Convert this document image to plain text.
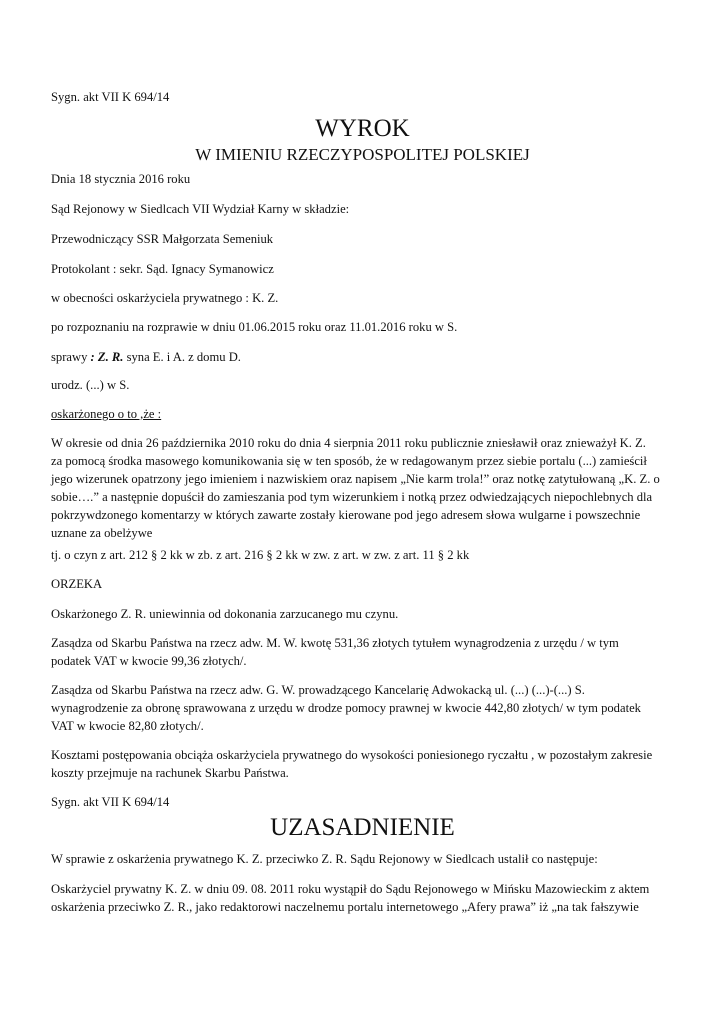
Sygn. akt VII K 694/14

WYROK

W IMIENIU RZECZYPOSPOLITEJ POLSKIEJ

Dnia 18 stycznia 2016 roku

Sąd Rejonowy w Siedlcach VII Wydział Karny w składzie:

Przewodniczący SSR Małgorzata Semeniuk

Protokolant : sekr. Sąd. Ignacy Symanowicz

w obecności oskarżyciela prywatnego : K. Z.

po rozpoznaniu na rozprawie w dniu 01.06.2015 roku oraz 11.01.2016 roku w S.

sprawy : Z. R. syna E. i A. z domu D.

urodz. (...) w S.

oskarżonego o to ,że :

W okresie od dnia 26 października 2010 roku do dnia 4 sierpnia 2011 roku publicznie zniesławił oraz znieważył K. Z.
za pomocą środka masowego komunikowania się w ten sposób, że w redagowanym przez siebie portalu (...) zamieścił
jego wizerunek opatrzony jego imieniem i nazwiskiem oraz napisem „Nie karm trola!” oraz notkę zatytułowaną „K. Z. o
sobie….” a następnie dopuścił do zamieszania pod tym wizerunkiem i notką przez odwiedzających niepochlebnych dla
pokrzywdzonego komentarzy w których zawarte zostały kierowane pod jego adresem słowa wulgarne i powszechnie
uznane za obelżywe

tj. o czyn z art. 212 § 2 kk w zb. z art. 216 § 2 kk w zw. z art. w zw. z art. 11 § 2 kk

ORZEKA

Oskarżonego Z. R. uniewinnia od dokonania zarzucanego mu czynu.

Zasądza od Skarbu Państwa na rzecz adw. M. W. kwotę 531,36 złotych tytułem wynagrodzenia z urzędu / w tym
podatek VAT w kwocie 99,36 złotych/.

Zasądza od Skarbu Państwa na rzecz adw. G. W. prowadzącego Kancelarię Adwokacką ul. (...) (...)-(...) S.
wynagrodzenie za obronę sprawowana z urzędu w drodze pomocy prawnej w kwocie 442,80 złotych/ w tym podatek
VAT w kwocie 82,80 złotych/.

Kosztami postępowania obciąża oskarżyciela prywatnego do wysokości poniesionego ryczałtu , w pozostałym zakresie
koszty przejmuje na rachunek Skarbu Państwa.

Sygn. akt VII K 694/14

UZASADNIENIE

W sprawie z oskarżenia prywatnego K. Z. przeciwko Z. R. Sądu Rejonowy w Siedlcach ustalił co następuje:

Oskarżyciel prywatny K. Z. w dniu 09. 08. 2011 roku wystąpił do Sądu Rejonowego w Mińsku Mazowieckim z aktem
oskarżenia przeciwko Z. R., jako redaktorowi naczelnemu portalu internetowego „Afery prawa” iż „na tak fałszywie
